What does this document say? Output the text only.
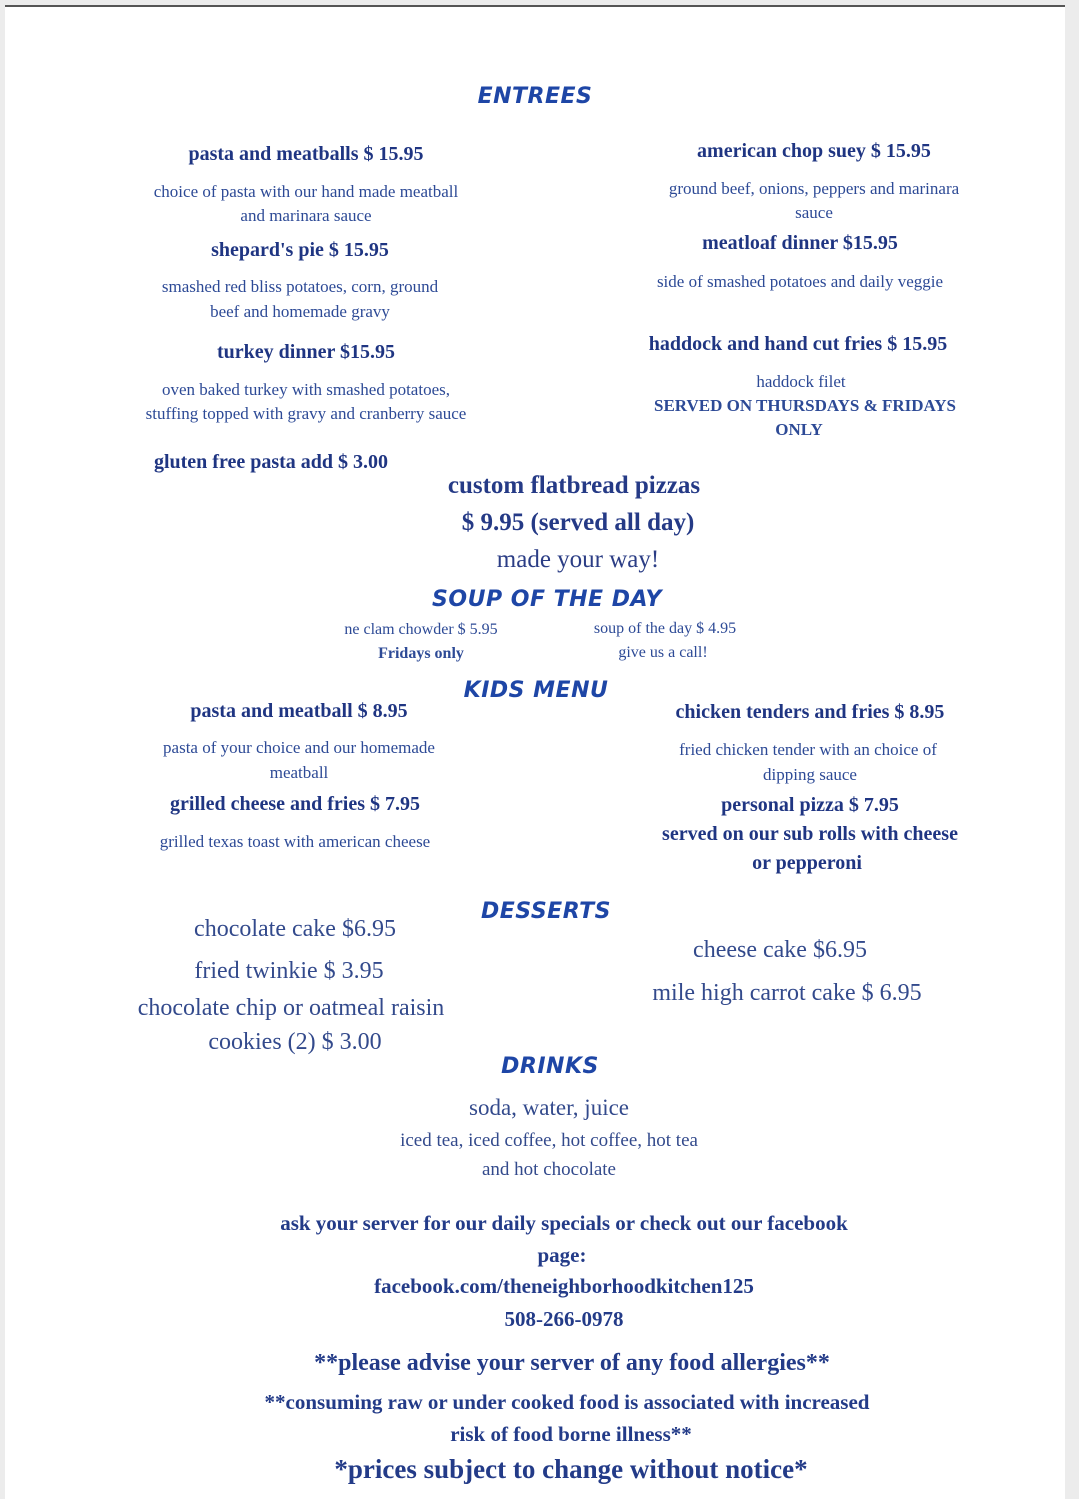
ENTREES
pasta and meatballs $ 15.95
choice of pasta with our hand made meatball
and marinara sauce
shepard's pie $ 15.95
smashed red bliss potatoes, corn, ground
beef and homemade gravy
turkey dinner $15.95
oven baked turkey with smashed potatoes,
stuffing topped with gravy and cranberry sauce
gluten free pasta add $ 3.00
american chop suey $ 15.95
ground beef, onions, peppers and marinara
sauce
meatloaf dinner $15.95
side of smashed potatoes and daily veggie
haddock and hand cut fries $ 15.95
haddock filet
SERVED ON THURSDAYS & FRIDAYS
ONLY
custom flatbread pizzas
$ 9.95 (served all day)
made your way!
SOUP OF THE DAY
ne clam chowder $ 5.95
Fridays only
soup of the day $ 4.95
give us a call!
KIDS MENU
pasta and meatball $ 8.95
pasta of your choice and our homemade
meatball
grilled cheese and fries $ 7.95
grilled texas toast with american cheese
chicken tenders and fries $ 8.95
fried chicken tender with an choice of
dipping sauce
personal pizza $ 7.95
served on our sub rolls with cheese
or pepperoni
DESSERTS
chocolate cake $6.95
fried twinkie $ 3.95
chocolate chip or oatmeal raisin
cookies (2) $ 3.00
cheese cake $6.95
mile high carrot cake $ 6.95
DRINKS
soda, water, juice
iced tea, iced coffee, hot coffee, hot tea
and hot chocolate
ask your server for our daily specials or check out our facebook
page:
facebook.com/theneighborhoodkitchen125
508-266-0978
**please advise your server of any food allergies**
**consuming raw or under cooked food is associated with increased
risk of food borne illness**
*prices subject to change without notice*
